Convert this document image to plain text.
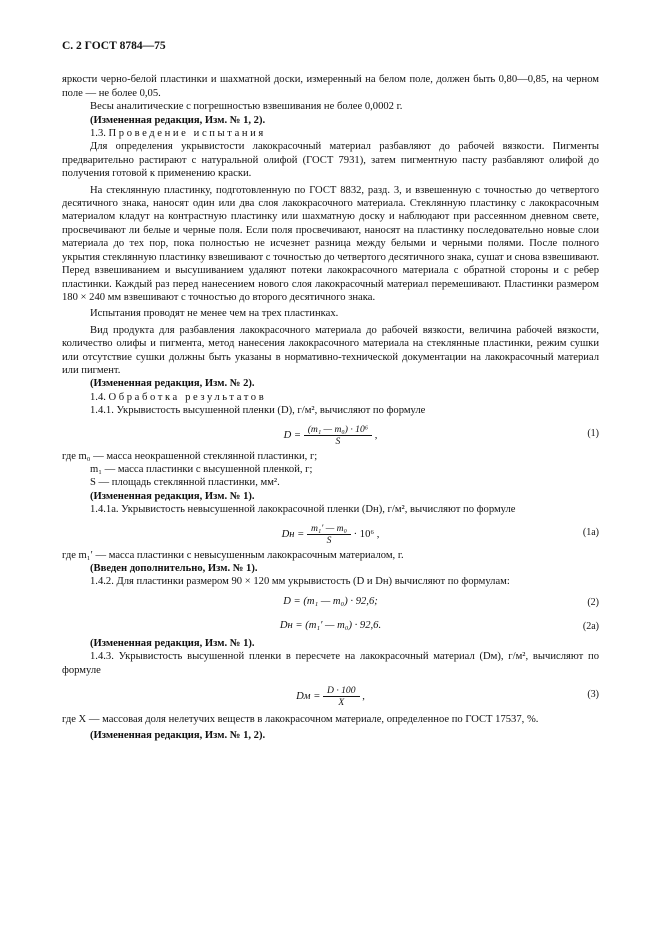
С. 2 ГОСТ 8784—75

яркости черно-белой пластинки и шахматной доски, измеренный на белом поле, должен быть 0,80—0,85, на черном поле — не более 0,05.

Весы аналитические с погрешностью взвешивания не более 0,0002 г.

(Измененная редакция, Изм. № 1, 2).

1.3. Проведение испытания

Для определения укрывистости лакокрасочный материал разбавляют до рабочей вязкости. Пигменты предварительно растирают с натуральной олифой (ГОСТ 7931), затем пигментную пасту разбавляют олифой до получения готовой к применению краски.

На стеклянную пластинку, подготовленную по ГОСТ 8832, разд. 3, и взвешенную с точностью до четвертого десятичного знака, наносят один или два слоя лакокрасочного материала. Стеклянную пластинку с лакокрасочным материалом кладут на контрастную пластинку или шахматную доску и наблюдают при рассеянном дневном свете, просвечивают ли белые и черные поля. Если поля просвечивают, наносят на пластинку последовательно новые слои материала до тех пор, пока полностью не исчезнет разница между белыми и черными полями. После полного укрытия стеклянную пластинку взвешивают с точностью до четвертого десятичного знака, сушат и снова взвешивают. Перед взвешиванием и высушиванием удаляют потеки лакокрасочного материала с обратной стороны и с ребер пластинки. Каждый раз перед нанесением нового слоя лакокрасочный материал перемешивают. Пластинки размером 180 × 240 мм взвешивают с точностью до второго десятичного знака.

Испытания проводят не менее чем на трех пластинках.

Вид продукта для разбавления лакокрасочного материала до рабочей вязкости, величина рабочей вязкости, количество олифы и пигмента, метод нанесения лакокрасочного материала на стеклянные пластинки, режим сушки или отсутствие сушки должны быть указаны в нормативно-технической документации на лакокрасочный материал или пигмент.

(Измененная редакция, Изм. № 2).

1.4. Обработка результатов

1.4.1. Укрывистость высушенной пленки (D), г/м², вычисляют по формуле

$D = \frac{\text{(m₁ — m₀) · 10⁶}}{S}$ ,	(1)

где m₀ — масса неокрашенной стеклянной пластинки, г;

m₁ — масса пластинки с высушенной пленкой, г;

S — площадь стеклянной пластинки, мм².

(Измененная редакция, Изм. № 1).

1.4.1а. Укрывистость невысушенной лакокрасочной пленки (Dн), г/м², вычисляют по формуле

Dн = $\frac{\text{m₁′ — m₀}}{S} \cdot 10^6$ ,	(1а)

где m₁′ — масса пластинки с невысушенным лакокрасочным материалом, г.

(Введен дополнительно, Изм. № 1).

1.4.2. Для пластинки размером 90 × 120 мм укрывистость (D и Dн) вычисляют по формулам:

D = (m₁ — m₀) · 92,6;	(2)
Dн = (m₁′ — m₀) · 92,6.	(2а)

(Измененная редакция, Изм. № 1).

1.4.3. Укрывистость высушенной пленки в пересчете на лакокрасочный материал (Dм), г/м², вычисляют по формуле

Dм = $\frac{D \cdot 100}{X}$ ,	(3)

где X — массовая доля нелетучих веществ в лакокрасочном материале, определенное по ГОСТ 17537, %.

(Измененная редакция, Изм. № 1, 2).
